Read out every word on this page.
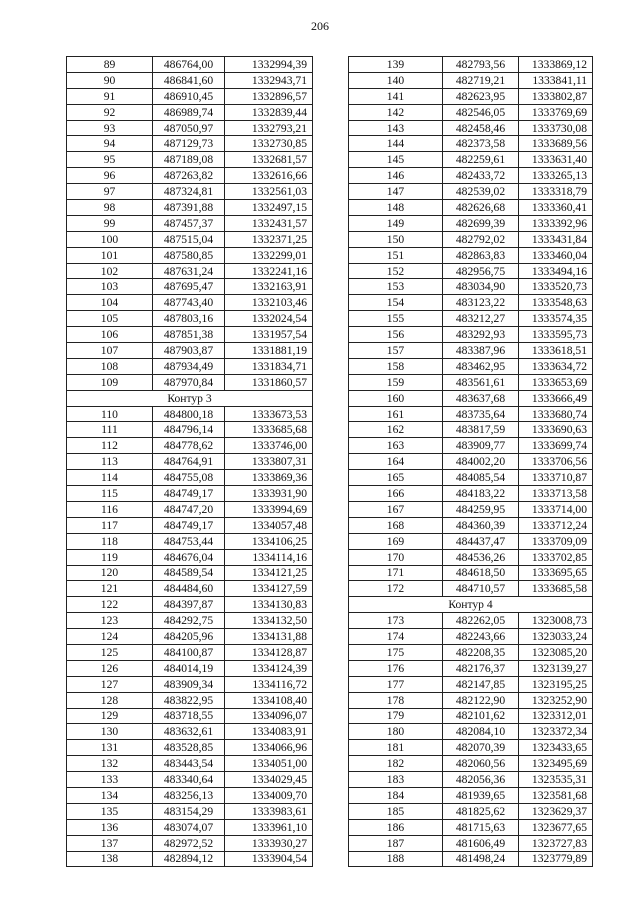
206
89	486764,00	1332994,39
90	486841,60	1332943,71
91	486910,45	1332896,57
92	486989,74	1332839,44
93	487050,97	1332793,21
94	487129,73	1332730,85
95	487189,08	1332681,57
96	487263,82	1332616,66
97	487324,81	1332561,03
98	487391,88	1332497,15
99	487457,37	1332431,57
100	487515,04	1332371,25
101	487580,85	1332299,01
102	487631,24	1332241,16
103	487695,47	1332163,91
104	487743,40	1332103,46
105	487803,16	1332024,54
106	487851,38	1331957,54
107	487903,87	1331881,19
108	487934,49	1331834,71
109	487970,84	1331860,57
Контур 3		
110	484800,18	1333673,53
111	484796,14	1333685,68
112	484778,62	1333746,00
113	484764,91	1333807,31
114	484755,08	1333869,36
115	484749,17	1333931,90
116	484747,20	1333994,69
117	484749,17	1334057,48
118	484753,44	1334106,25
119	484676,04	1334114,16
120	484589,54	1334121,25
121	484484,60	1334127,59
122	484397,87	1334130,83
123	484292,75	1334132,50
124	484205,96	1334131,88
125	484100,87	1334128,87
126	484014,19	1334124,39
127	483909,34	1334116,72
128	483822,95	1334108,40
129	483718,55	1334096,07
130	483632,61	1334083,91
131	483528,85	1334066,96
132	483443,54	1334051,00
133	483340,64	1334029,45
134	483256,13	1334009,70
135	483154,29	1333983,61
136	483074,07	1333961,10
137	482972,52	1333930,27
138	482894,12	1333904,54
139	482793,56	1333869,12
140	482719,21	1333841,11
141	482623,95	1333802,87
142	482546,05	1333769,69
143	482458,46	1333730,08
144	482373,58	1333689,56
145	482259,61	1333631,40
146	482433,72	1333265,13
147	482539,02	1333318,79
148	482626,68	1333360,41
149	482699,39	1333392,96
150	482792,02	1333431,84
151	482863,83	1333460,04
152	482956,75	1333494,16
153	483034,90	1333520,73
154	483123,22	1333548,63
155	483212,27	1333574,35
156	483292,93	1333595,73
157	483387,96	1333618,51
158	483462,95	1333634,72
159	483561,61	1333653,69
160	483637,68	1333666,49
161	483735,64	1333680,74
162	483817,59	1333690,63
163	483909,77	1333699,74
164	484002,20	1333706,56
165	484085,54	1333710,87
166	484183,22	1333713,58
167	484259,95	1333714,00
168	484360,39	1333712,24
169	484437,47	1333709,09
170	484536,26	1333702,85
171	484618,50	1333695,65
172	484710,57	1333685,58
Контур 4		
173	482262,05	1323008,73
174	482243,66	1323033,24
175	482208,35	1323085,20
176	482176,37	1323139,27
177	482147,85	1323195,25
178	482122,90	1323252,90
179	482101,62	1323312,01
180	482084,10	1323372,34
181	482070,39	1323433,65
182	482060,56	1323495,69
183	482056,36	1323535,31
184	481939,65	1323581,68
185	481825,62	1323629,37
186	481715,63	1323677,65
187	481606,49	1323727,83
188	481498,24	1323779,89
